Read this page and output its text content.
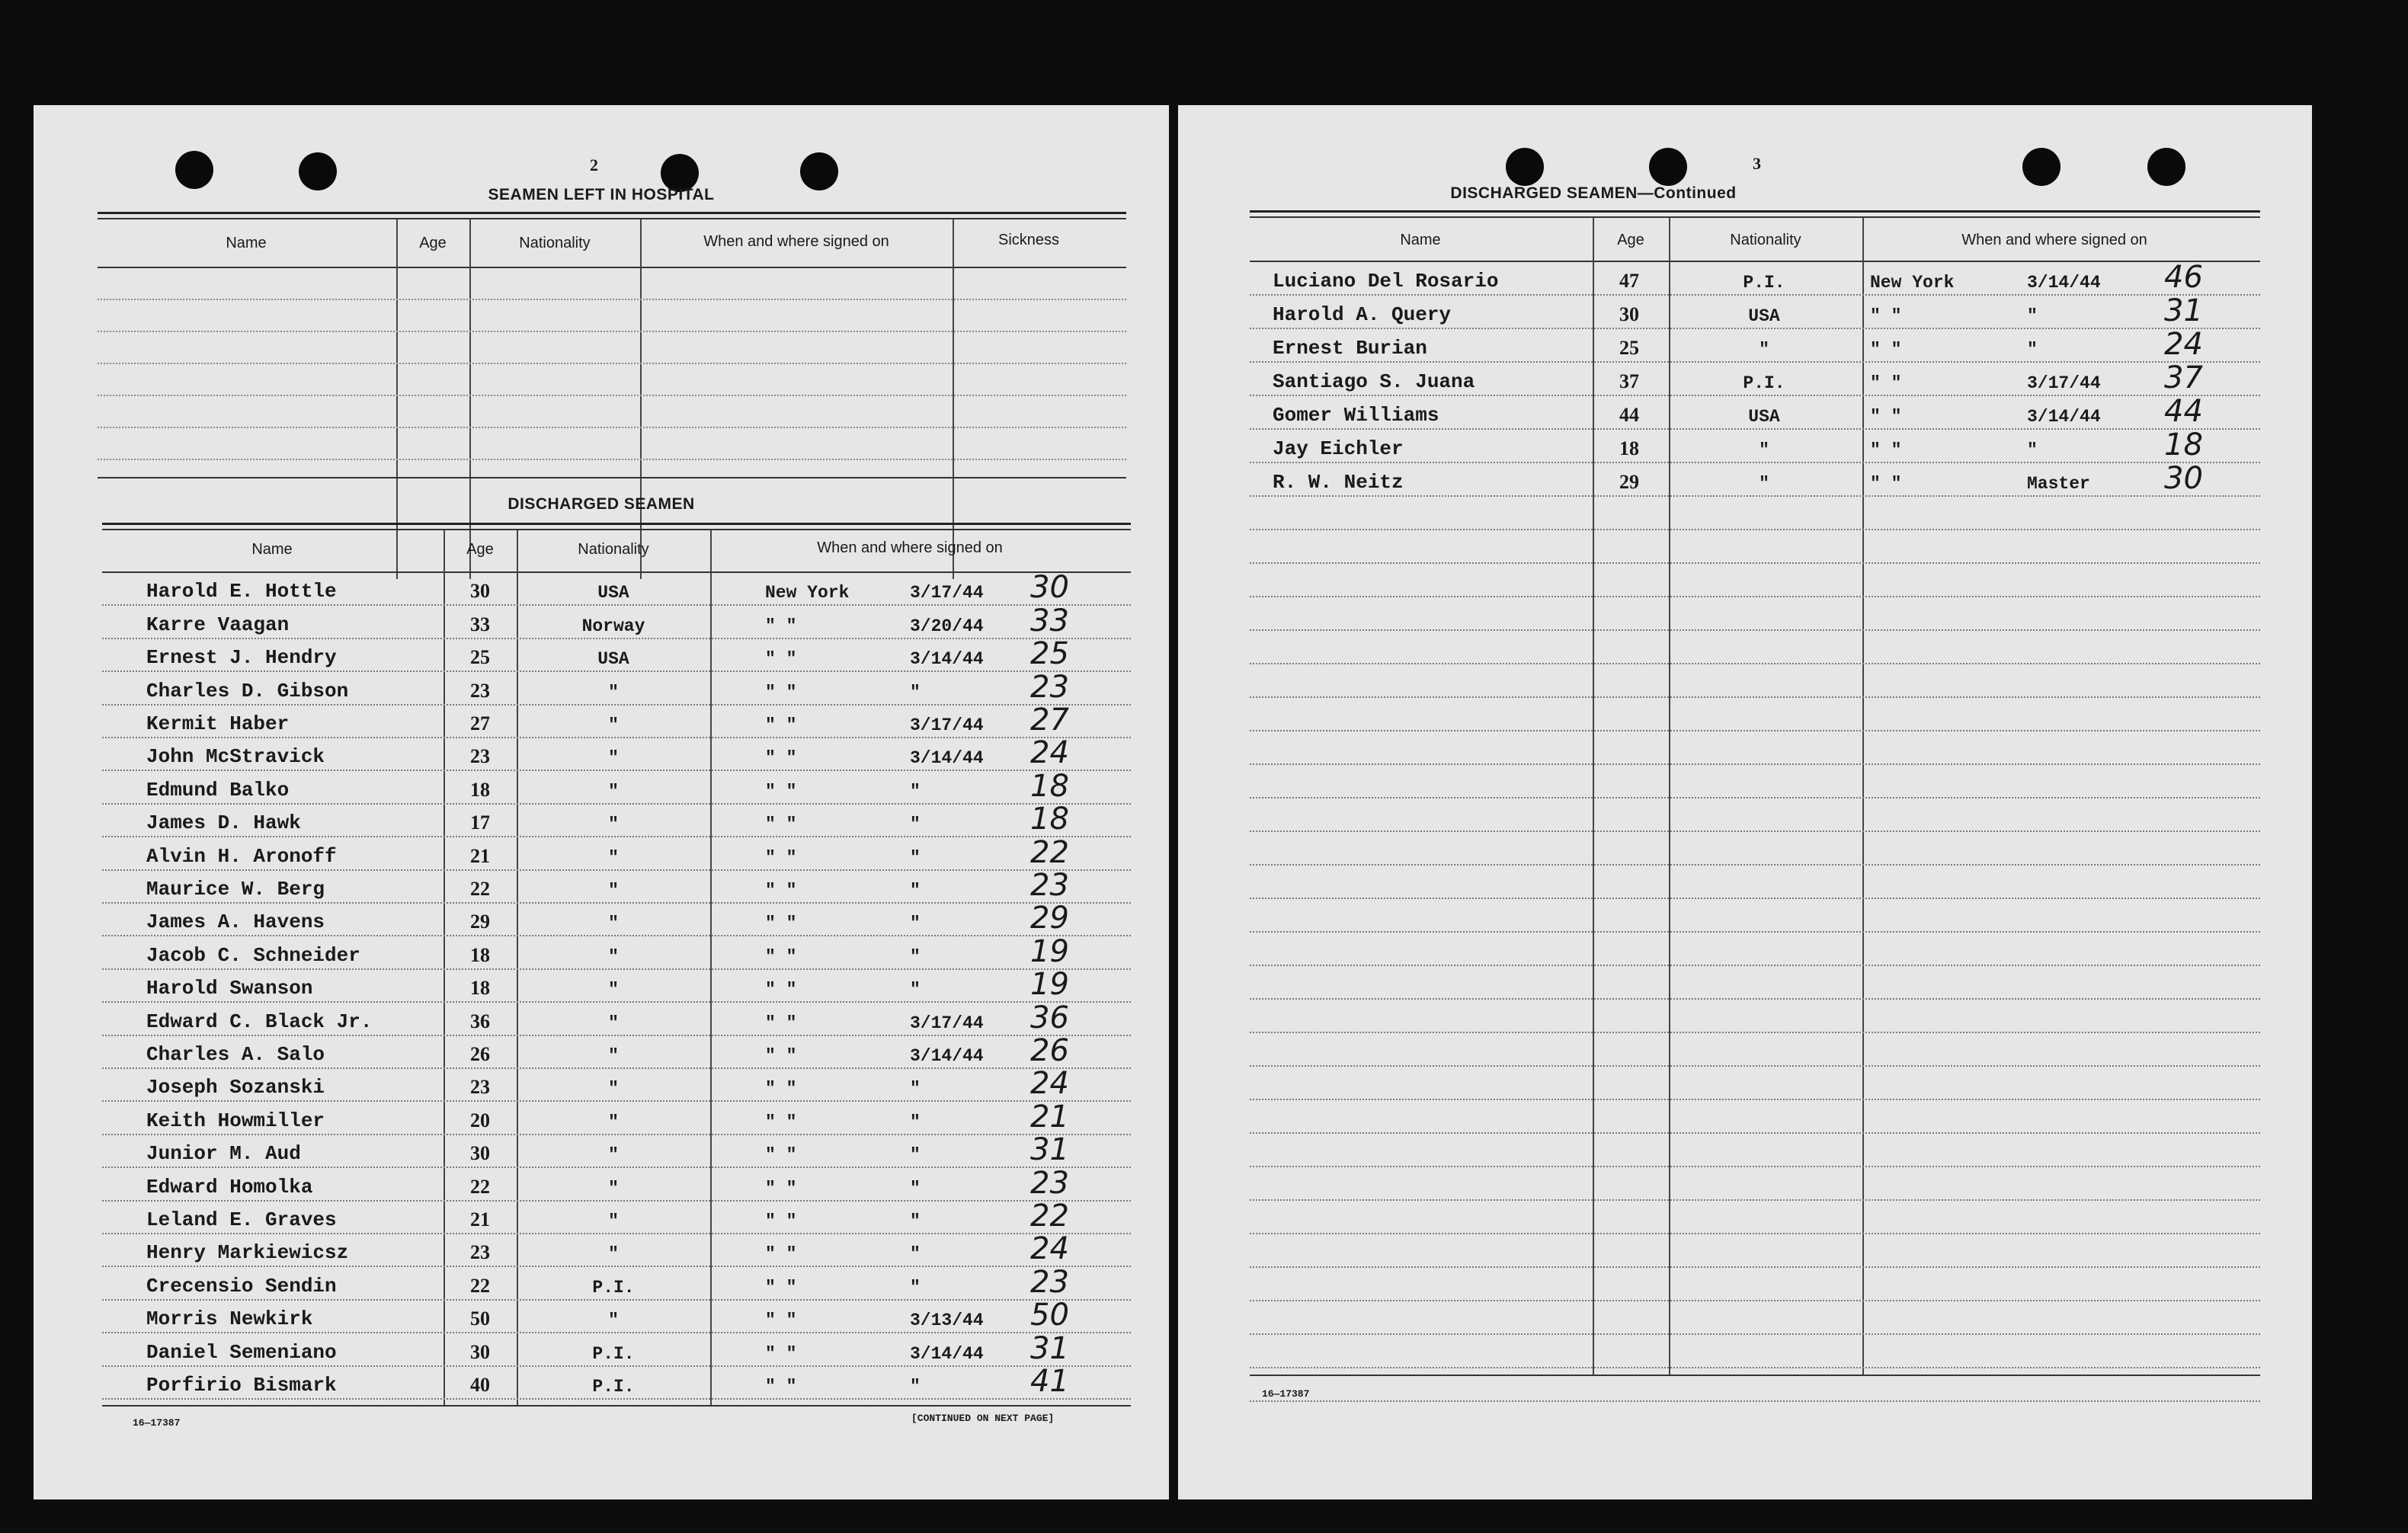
2
SEAMEN LEFT IN HOSPITAL
Name	Age	Nationality	When and where signed on	Sickness
DISCHARGED SEAMEN
Name	Age	Nationality	When and where signed on
Harold E. Hottle	30	USA	New York	3/17/44 30
Karre Vaagan	33	Norway	" "	3/20/44 33
Ernest J. Hendry	25	USA	" "	3/14/44 25
Charles D. Gibson	23	"	" "	"	23
Kermit Haber	27	"	" "	3/17/44 27
John McStravick	23	"	" "	3/14/44 24
Edmund Balko	18	"	" "	"	18
James D. Hawk	17	"	" "	"	18
Alvin H. Aronoff	21	"	" "	"	22
Maurice W. Berg	22	"	" "	"	23
James A. Havens	29	"	" "	"	29
Jacob C. Schneider	18	"	" "	"	19
Harold Swanson	18	"	" "	"	19
Edward C. Black Jr.	36	"	" "	3/17/44 36
Charles A. Salo	26	"	" "	3/14/44 26
Joseph Sozanski	23	"	" "	"	24
Keith Howmiller	20	"	" "	"	21
Junior M. Aud	30	"	" "	"	31
Edward Homolka	22	"	" "	"	23
Leland E. Graves	21	"	" "	"	22
Henry Markiewicsz	23	"	" "	"	24
Crecensio Sendin	22	P.I.	" "	"	23
Morris Newkirk	50	"	" "	3/13/44 50
Daniel Semeniano	30	P.I.	" "	3/14/44 31
Porfirio Bismark	40	P.I.	" "	"	41
16—17387	[CONTINUED ON NEXT PAGE]
3
DISCHARGED SEAMEN—Continued
Name	Age	Nationality	When and where signed on
Luciano Del Rosario	47	P.I.	New York	3/14/44 46
Harold A. Query	30	USA	" "	"	31
Ernest Burian	25	"	" "	"	24
Santiago S. Juana	37	P.I.	" "	3/17/44 37
Gomer Williams	44	USA	" "	3/14/44 44
Jay Eichler	18	"	" "	"	18
R. W. Neitz	29	"	" "	Master 30
16—17387
